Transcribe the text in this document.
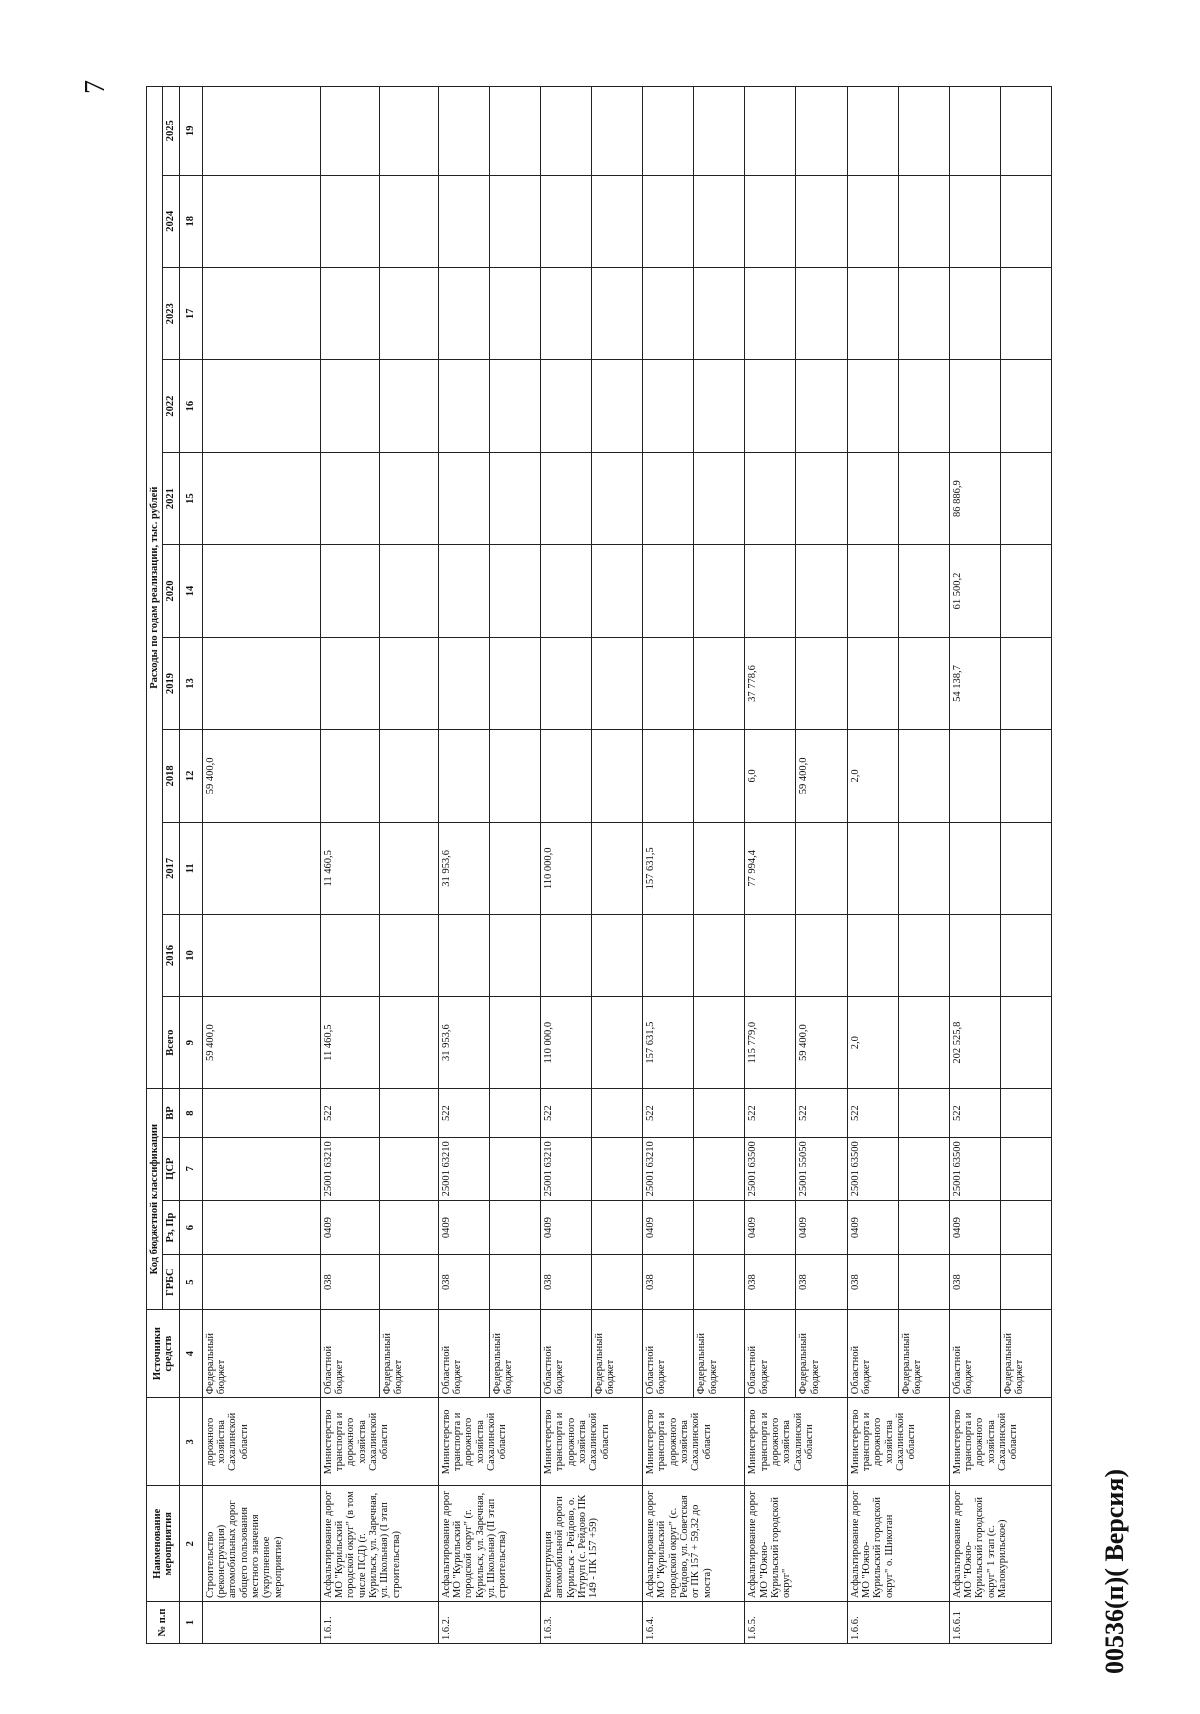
7
№ п.п	Наименование мероприятия		Источники средств	Код бюджетной классификации				Расходы по годам реализации, тыс. рублей										
				ГРБС	Рз, Пр	ЦСР	ВР	Всего	2016	2017	2018	2019	2020	2021	2022	2023	2024	2025
1	2	3	4	5	6	7	8	9	10	11	12	13	14	15	16	17	18	19
	Строительство (реконструкция) автомобильных дорог общего пользования местного значения (укрупненное мероприятие)	дорожного хозяйства Сахалинской области	Федеральный бюджет					59 400,0			59 400,0							
1.6.1.	Асфальтирование дорог МО "Курильский городской округ" (в том числе ПСД) (г. Курильск, ул. Заречная, ул. Школьная) (I этап строительства)	Министерство транспорта и дорожного хозяйства Сахалинской области	Областной бюджет	038	0409	25001 63210	522	11 460,5		11 460,5								
			Федеральный бюджет															
1.6.2.	Асфальтирование дорог МО "Курильский городской округ" (г. Курильск, ул. Заречная, ул. Школьная) (II этап строительства)	Министерство транспорта и дорожного хозяйства Сахалинской области	Областной бюджет	038	0409	25001 63210	522	31 953,6		31 953,6								
			Федеральный бюджет															
1.6.3.	Реконструкция автомобильной дороги Курильск - Рейдово, о. Итуруп (с. Рейдово ПК 149 - ПК 157 +59)	Министерство транспорта и дорожного хозяйства Сахалинской области	Областной бюджет	038	0409	25001 63210	522	110 000,0		110 000,0								
			Федеральный бюджет															
1.6.4.	Асфальтирование дорог МО "Курильский городской округ" (с. Рейдово, ул. Советская от ПК 157 + 59,32 до моста)	Министерство транспорта и дорожного хозяйства Сахалинской области	Областной бюджет	038	0409	25001 63210	522	157 631,5		157 631,5								
			Федеральный бюджет															
1.6.5.	Асфальтирование дорог МО "Южно-Курильский городской округ"	Министерство транспорта и дорожного хозяйства Сахалинской области	Областной бюджет	038	0409	25001 63500	522	115 779,0		77 994,4	6,0	37 778,6						
			Федеральный бюджет	038	0409	25001 55050	522	59 400,0			59 400,0							
1.6.6.	Асфальтирование дорог МО "Южно-Курильский городской округ" о. Шикотан	Министерство транспорта и дорожного хозяйства Сахалинской области	Областной бюджет	038	0409	25001 63500	522	2,0			2,0							
			Федеральный бюджет															
1.6.6.1	Асфальтирование дорог МО "Южно-Курильский городской округ" 1 этап (с. Малокурильское)	Министерство транспорта и дорожного хозяйства Сахалинской области	Областной бюджет	038	0409	25001 63500	522	202 525,8				54 138,7	61 500,2	86 886,9				
			Федеральный бюджет															
00536(п)( Версия)
